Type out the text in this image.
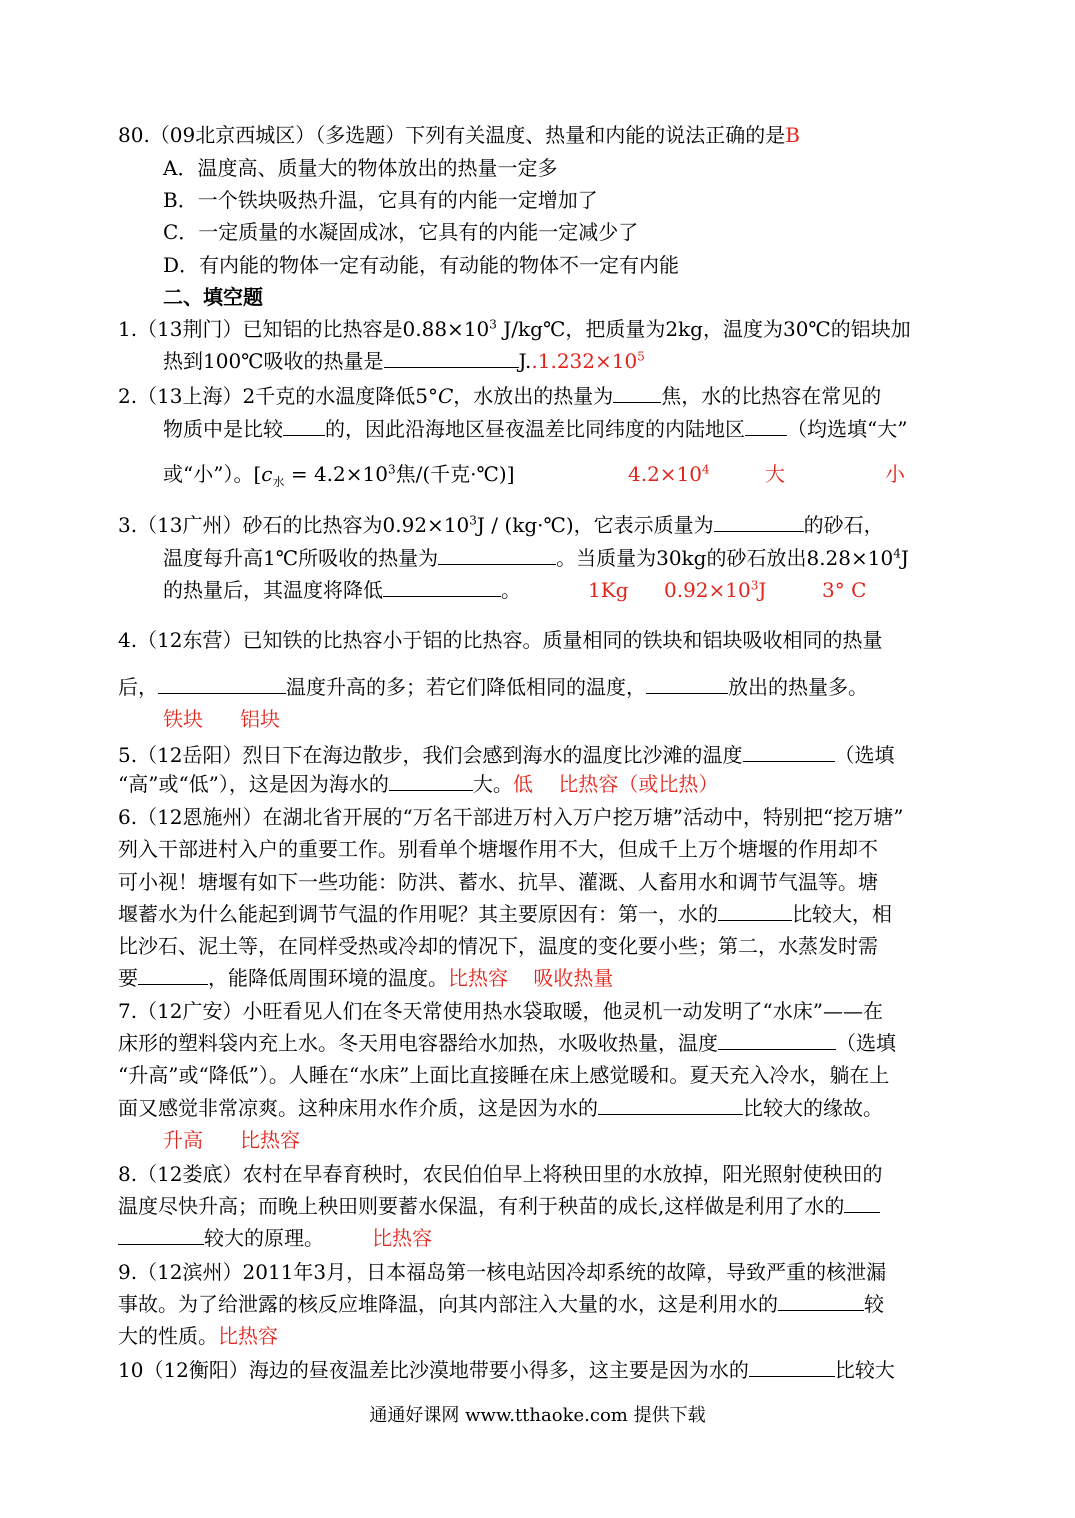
80.（09北京西城区）（多选题）下列有关温度、热量和内能的说法正确的是B
A．温度高、质量大的物体放出的热量一定多
B．一个铁块吸热升温，它具有的内能一定增加了
C．一定质量的水凝固成冰，它具有的内能一定减少了
D．有内能的物体一定有动能，有动能的物体不一定有内能
二、填空题
1.（13荆门）已知铝的比热容是$0.88\times 10^3$ J/kg℃，把质量为2kg，温度为30℃的铝块加
热到100℃吸收的热量是	$J..1.232\times 10^5$
2.（13上海）2千克的水温度降低5°C，水放出的热量为 焦，水的比热容在常见的
物质中是比较 的，因此沿海地区昼夜温差比同纬度的内陆地区 （均选填“大”
或“小”）。[$c_水 = 4.2\times 10^3$焦/(千克·℃)]	$4.2\times 10^4$	大	小
3.（13广州）砂石的比热容为$0.92\times 10^3J$ / (kg·℃)，它表示质量为	的砂石，
温度每升高1℃所吸收的热量为	。当质量为30kg的砂石放出$8.28\times 10^4J$
的热量后，其温度将降低	。	1Kg $0.92\times 10^3J$	3° C
4.（12东营）已知铁的比热容小于铝的比热容。质量相同的铁块和铝块吸收相同的热量
后，	温度升高的多；若它们降低相同的温度，	放出的热量多。
铁块 铝块
5.（12岳阳）烈日下在海边散步，我们会感到海水的温度比沙滩的温度	（选填
“高”或“低”），这是因为海水的	大。低    比热容（或比热）
6.（12恩施州）在湖北省开展的“万名干部进万村入万户挖万塘”活动中，特别把“挖万塘”
列入干部进村入户的重要工作。别看单个塘堰作用不大，但成千上万个塘堰的作用却不
可小视！塘堰有如下一些功能：防洪、蓄水、抗旱、灌溉、人畜用水和调节气温等。塘
堰蓄水为什么能起到调节气温的作用呢？其主要原因有：第一，水的	比较大，相
比沙石、泥土等，在同样受热或冷却的情况下，温度的变化要小些；第二，水蒸发时需
要	，能降低周围环境的温度。比热容    吸收热量
7.（12广安）小旺看见人们在冬天常使用热水袋取暖，他灵机一动发明了“水床”——在
床形的塑料袋内充上水。冬天用电容器给水加热，水吸收热量，温度	（选填
“升高”或“降低”）。人睡在“水床”上面比直接睡在床上感觉暖和。夏天充入冷水，躺在上
面又感觉非常凉爽。这种床用水作介质，这是因为水的	比较大的缘故。
升高 比热容
8.（12娄底）农村在早春育秧时，农民伯伯早上将秧田里的水放掉，阳光照射使秧田的
温度尽快升高；而晚上秧田则要蓄水保温，有利于秧苗的成长,这样做是利用了水的
较大的原理。 比热容
9.（12滨州）2011年3月，日本福岛第一核电站因冷却系统的故障，导致严重的核泄漏
事故。为了给泄露的核反应堆降温，向其内部注入大量的水，这是利用水的	较
大的性质。比热容
10（12衡阳）海边的昼夜温差比沙漠地带要小得多，这主要是因为水的	比较大
通通好课网 www.tthaoke.com 提供下载
